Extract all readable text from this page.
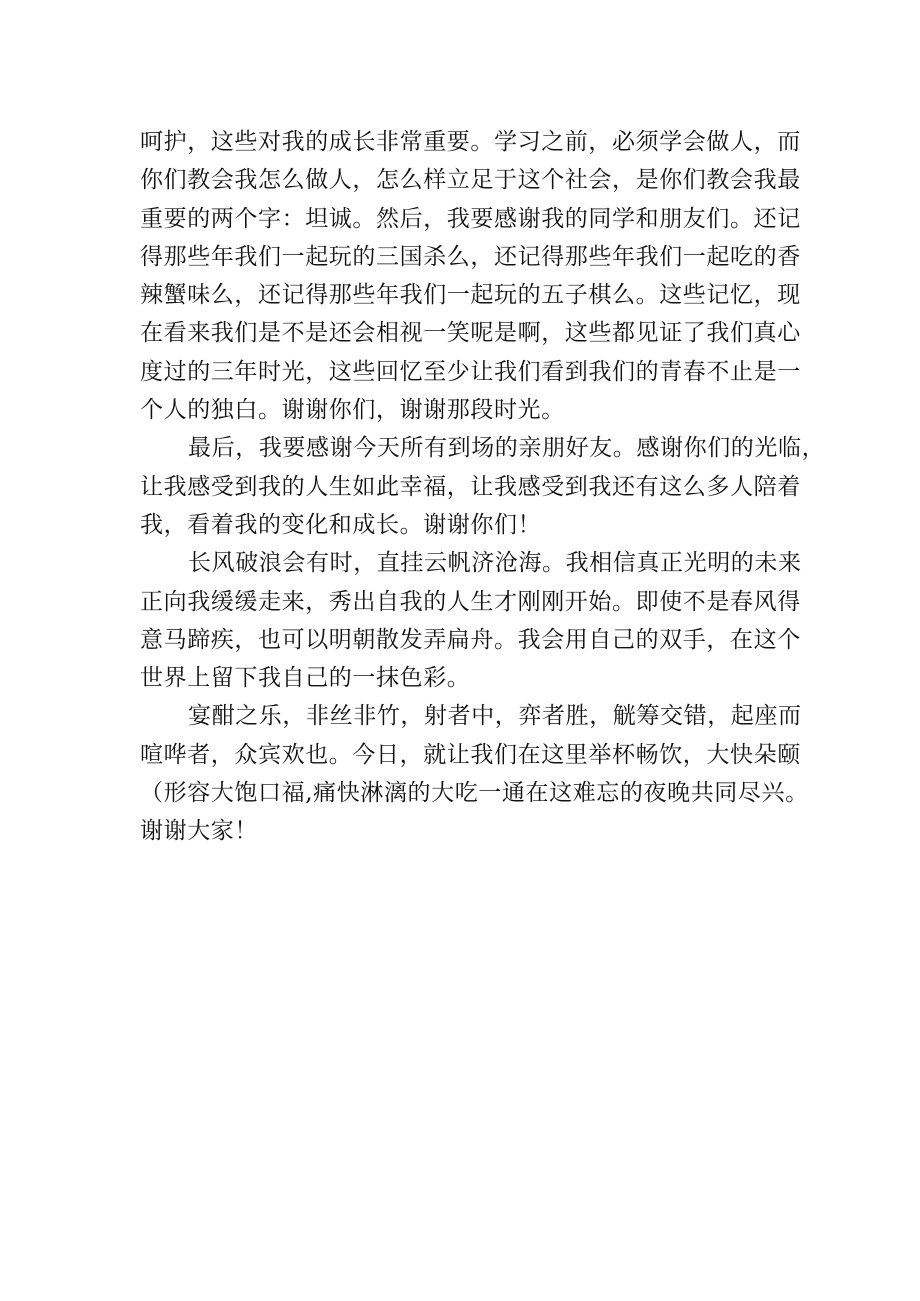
呵护，这些对我的成长非常重要。学习之前，必须学会做人，而
你们教会我怎么做人，怎么样立足于这个社会，是你们教会我最
重要的两个字：坦诚。然后，我要感谢我的同学和朋友们。还记
得那些年我们一起玩的三国杀么，还记得那些年我们一起吃的香
辣蟹味么，还记得那些年我们一起玩的五子棋么。这些记忆，现
在看来我们是不是还会相视一笑呢是啊，这些都见证了我们真心
度过的三年时光，这些回忆至少让我们看到我们的青春不止是一
个人的独白。谢谢你们，谢谢那段时光。
最后，我要感谢今天所有到场的亲朋好友。感谢你们的光临，
让我感受到我的人生如此幸福，让我感受到我还有这么多人陪着
我，看着我的变化和成长。谢谢你们！
长风破浪会有时，直挂云帆济沧海。我相信真正光明的未来
正向我缓缓走来，秀出自我的人生才刚刚开始。即使不是春风得
意马蹄疾，也可以明朝散发弄扁舟。我会用自己的双手，在这个
世界上留下我自己的一抹色彩。
宴酣之乐，非丝非竹，射者中，弈者胜，觥筹交错，起座而
喧哗者，众宾欢也。今日，就让我们在这里举杯畅饮，大快朵颐
（形容大饱口福,痛快淋漓的大吃一通在这难忘的夜晚共同尽兴。
谢谢大家！
